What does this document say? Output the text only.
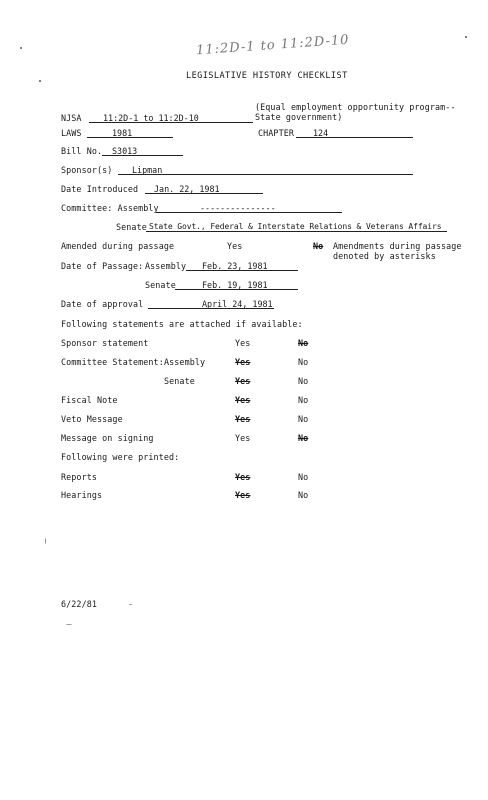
11:2D-1 to 11:2D-10
LEGISLATIVE HISTORY CHECKLIST
NJSA	11:2D-1 to 11:2D-10
(Equal employment opportunity program--
State government)
LAWS	1981	CHAPTER 124
Bill No. S3013
Sponsor(s) Lipman
Date Introduced Jan. 22, 1981
Committee: Assembly	---------------
Senate State Govt., Federal & Interstate Relations & Veterans Affairs
Amended during passage	Yes	No Amendments during passage
denoted by asterisks
Date of Passage: Assembly Feb. 23, 1981
Senate	Feb. 19, 1981
Date of approval	April 24, 1981
Following statements are attached if available:
Sponsor statement	Yes	No
Committee Statement: Assembly	Yes	No
Senate	Yes	No
Fiscal Note	Yes	No
Veto Message	Yes	No
Message on signing	Yes	No
Following were printed:
Reports	Yes	No
Hearings	Yes	No
6/22/81
